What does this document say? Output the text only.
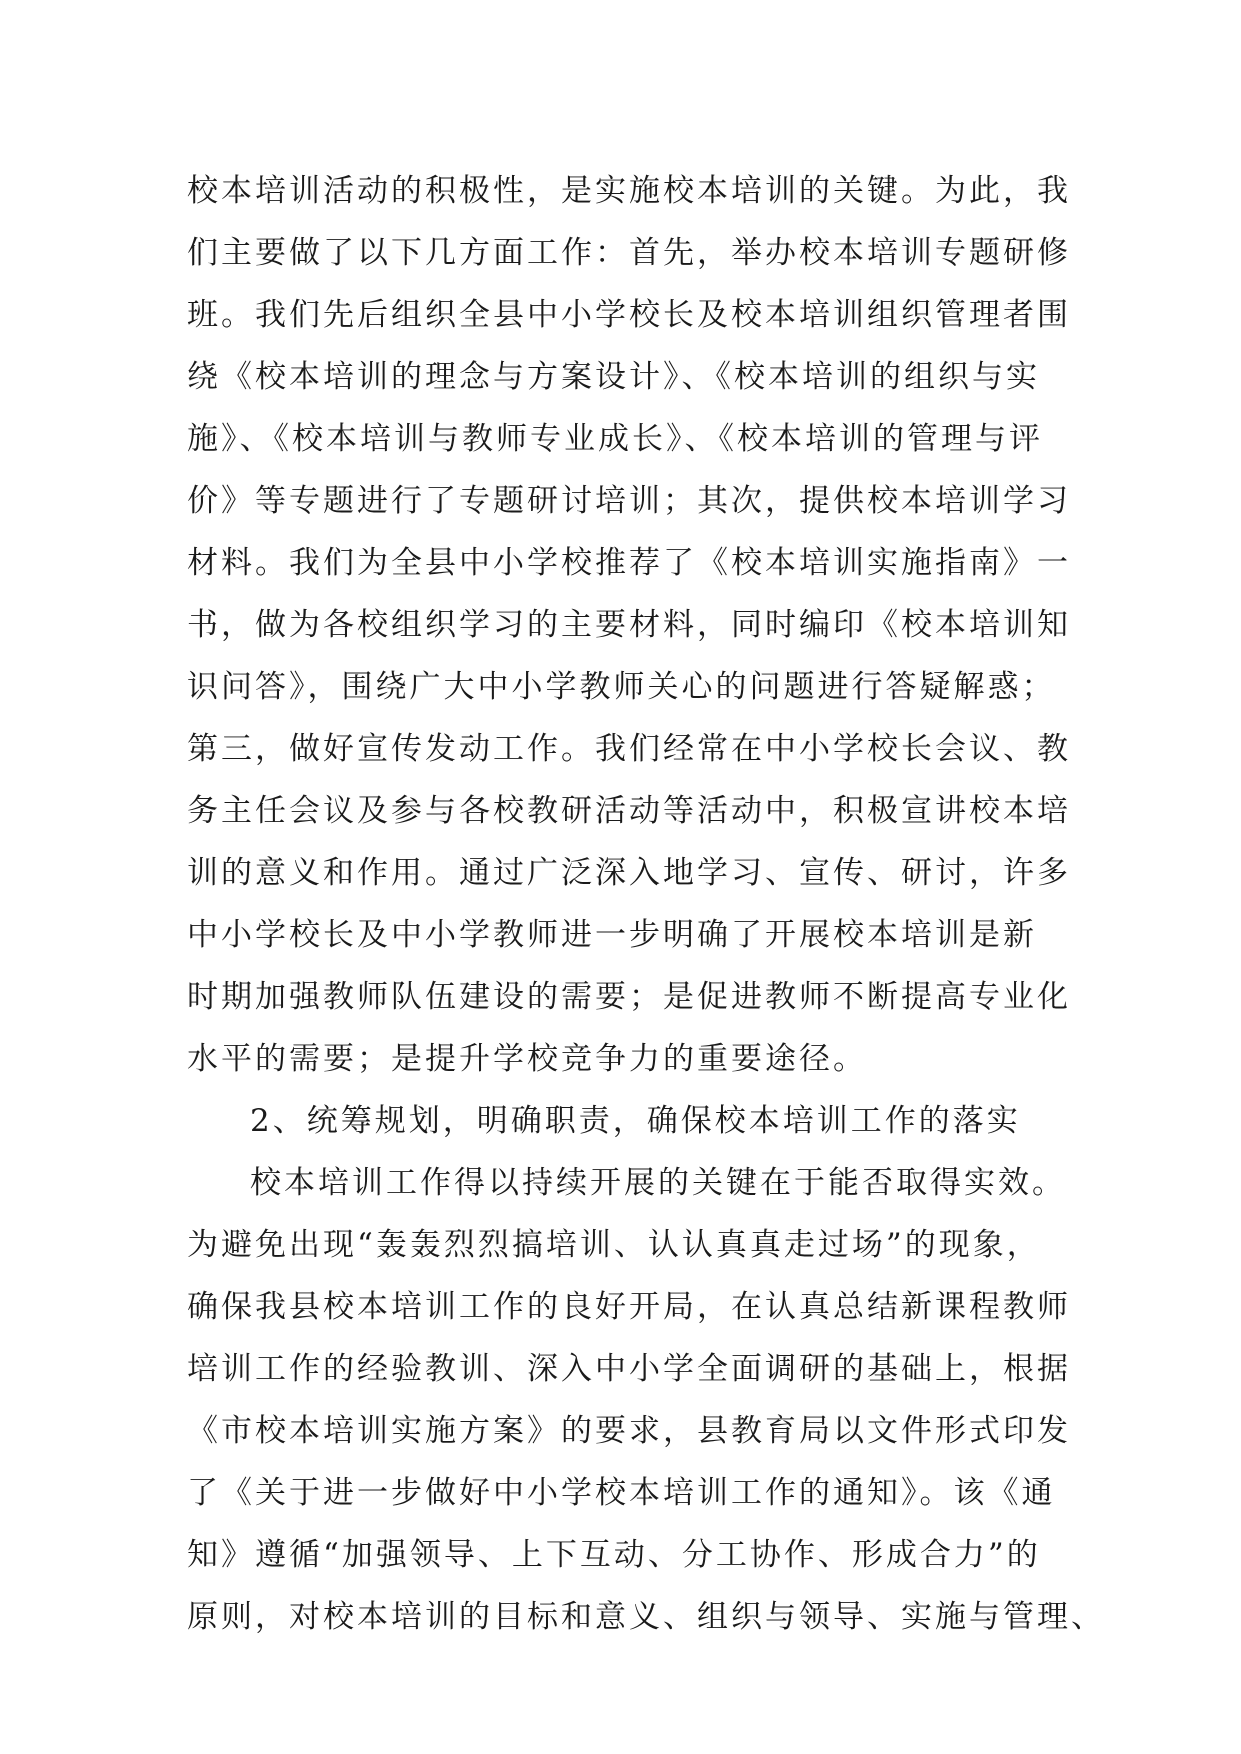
校本培训活动的积极性，是实施校本培训的关键。为此，我
们主要做了以下几方面工作：首先，举办校本培训专题研修
班。我们先后组织全县中小学校长及校本培训组织管理者围
绕《校本培训的理念与方案设计》、《校本培训的组织与实
施》、《校本培训与教师专业成长》、《校本培训的管理与评
价》等专题进行了专题研讨培训；其次，提供校本培训学习
材料。我们为全县中小学校推荐了《校本培训实施指南》一
书，做为各校组织学习的主要材料，同时编印《校本培训知
识问答》，围绕广大中小学教师关心的问题进行答疑解惑；
第三，做好宣传发动工作。我们经常在中小学校长会议、教
务主任会议及参与各校教研活动等活动中，积极宣讲校本培
训的意义和作用。通过广泛深入地学习、宣传、研讨，许多
中小学校长及中小学教师进一步明确了开展校本培训是新
时期加强教师队伍建设的需要；是促进教师不断提高专业化
水平的需要；是提升学校竞争力的重要途径。
2、统筹规划，明确职责，确保校本培训工作的落实
校本培训工作得以持续开展的关键在于能否取得实效。
为避免出现“轰轰烈烈搞培训、认认真真走过场”的现象，
确保我县校本培训工作的良好开局，在认真总结新课程教师
培训工作的经验教训、深入中小学全面调研的基础上，根据
《市校本培训实施方案》的要求，县教育局以文件形式印发
了《关于进一步做好中小学校本培训工作的通知》。该《通
知》遵循“加强领导、上下互动、分工协作、形成合力”的
原则，对校本培训的目标和意义、组织与领导、实施与管理、
